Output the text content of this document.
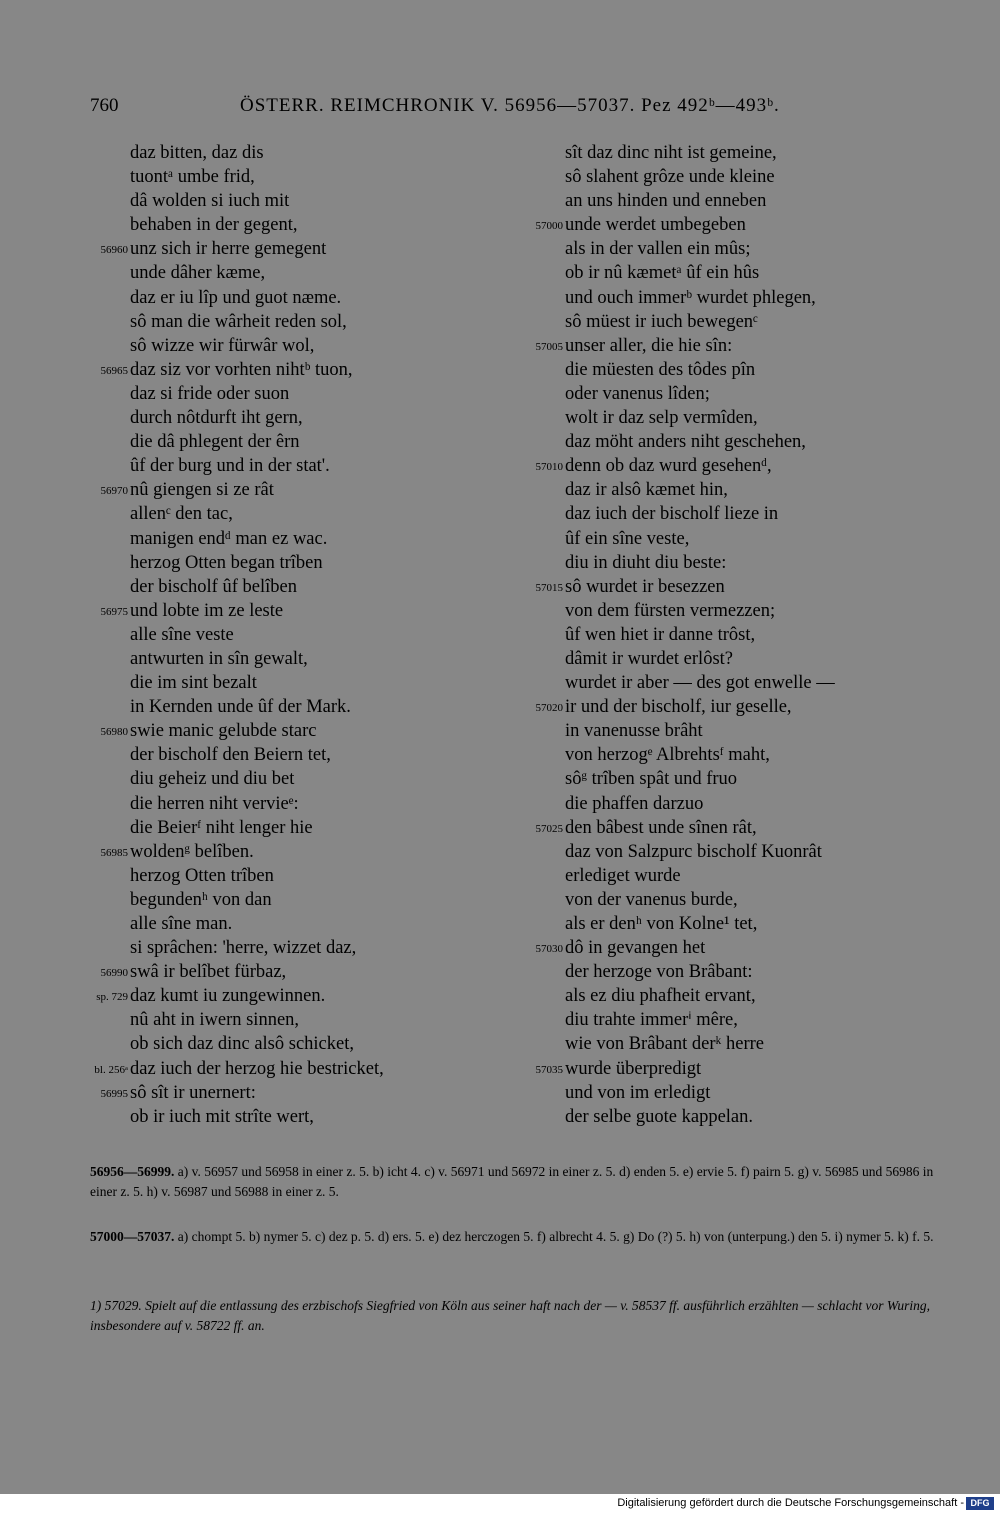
760	ÖSTERR. REIMCHRONIK V. 56956—57037. Pez 492ᵇ—493ᵇ.
daz bitten, daz dis
tuontᵃ umbe frid,
dâ wolden si iuch mit
behaben in der gegent,
56960 unz sich ir herre gemegent
unde dâher kæme,
daz er iu lîp und guot næme.
sô man die wârheit reden sol,
sô wizze wir fürwâr wol,
56965 daz siz vor vorhten nihtᵇ tuon,
daz si fride oder suon
durch nôtdurft iht gern,
die dâ phlegent der êrn
ûf der burg und in der stat'.
56970 nû giengen si ze rât
allenᶜ den tac,
manigen endᵈ man ez wac.
herzog Otten began trîben
der bischolf ûf belîben
56975 und lobte im ze leste
alle sîne veste
antwurten in sîn gewalt,
die im sint bezalt
in Kernden unde ûf der Mark.
56980 swie manic gelubde starc
der bischolf den Beiern tet,
diu geheiz und diu bet
die herren niht vervieᵉ:
die Beierᶠ niht lenger hie
56985 woldenᵍ belîben.
herzog Otten trîben
begundenʰ von dan
alle sîne man.
si sprâchen: 'herre, wizzet daz,
56990 swâ ir belîbet fürbaz,
sp. 729 daz kumt iu zungewinnen.
nû aht in iwern sinnen,
ob sich daz dinc alsô schicket,
bl. 256ᵃ daz iuch der herzog hie bestricket,
56995 sô sît ir unernert:
ob ir iuch mit strîte wert,
sît daz dinc niht ist gemeine,
sô slahent grôze unde kleine
an uns hinden und enneben
57000 unde werdet umbegeben
als in der vallen ein mûs;
ob ir nû kæmetᵃ ûf ein hûs
und ouch immerᵇ wurdet phlegen,
sô müest ir iuch bewegenᶜ
57005 unser aller, die hie sîn:
die müesten des tôdes pîn
oder vanenus lîden;
wolt ir daz selp vermîden,
daz möht anders niht geschehen,
57010 denn ob daz wurd gesehenᵈ,
daz ir alsô kæmet hin,
daz iuch der bischolf lieze in
ûf ein sîne veste,
diu in diuht diu beste:
57015 sô wurdet ir besezzen
von dem fürsten vermezzen;
ûf wen hiet ir danne trôst,
dâmit ir wurdet erlôst?
wurdet ir aber — des got enwelle —
57020 ir und der bischolf, iur geselle,
in vanenusse brâht
von herzogᵉ Albrehtsᶠ maht,
sôᵍ trîben spât und fruo
die phaffen darzuo
57025 den bâbest unde sînen rât,
daz von Salzpurc bischolf Kuonrât
erlediget wurde
von der vanenus burde,
als er denʰ von Kolne¹ tet,
57030 dô in gevangen het
der herzoge von Brâbant:
als ez diu phafheit ervant,
diu trahte immerⁱ mêre,
wie von Brâbant derᵏ herre
57035 wurde überpredigt
und von im erledigt
der selbe guote kappelan.

56956—56999. a) v. 56957 und 56958 in einer z. 5. b) icht 4. c) v. 56971 und 56972 in einer z. 5. d) enden 5. e) ervie 5. f) pairn 5. g) v. 56985 und 56986 in einer z. 5. h) v. 56987 und 56988 in einer z. 5.

57000—57037. a) chompt 5. b) nymer 5. c) dez p. 5. d) ers. 5. e) dez herczogen 5. f) albrecht 4. 5. g) Do (?) 5. h) von (unterpung.) den 5. i) nymer 5. k) f. 5.

1) 57029. Spielt auf die entlassung des erzbischofs Siegfried von Köln aus seiner haft nach der — v. 58537 ff. ausführlich erzählten — schlacht vor Wuring, insbesondere auf v. 58722 ff. an.

Digitalisierung gefördert durch die Deutsche Forschungsgemeinschaft - DFG
